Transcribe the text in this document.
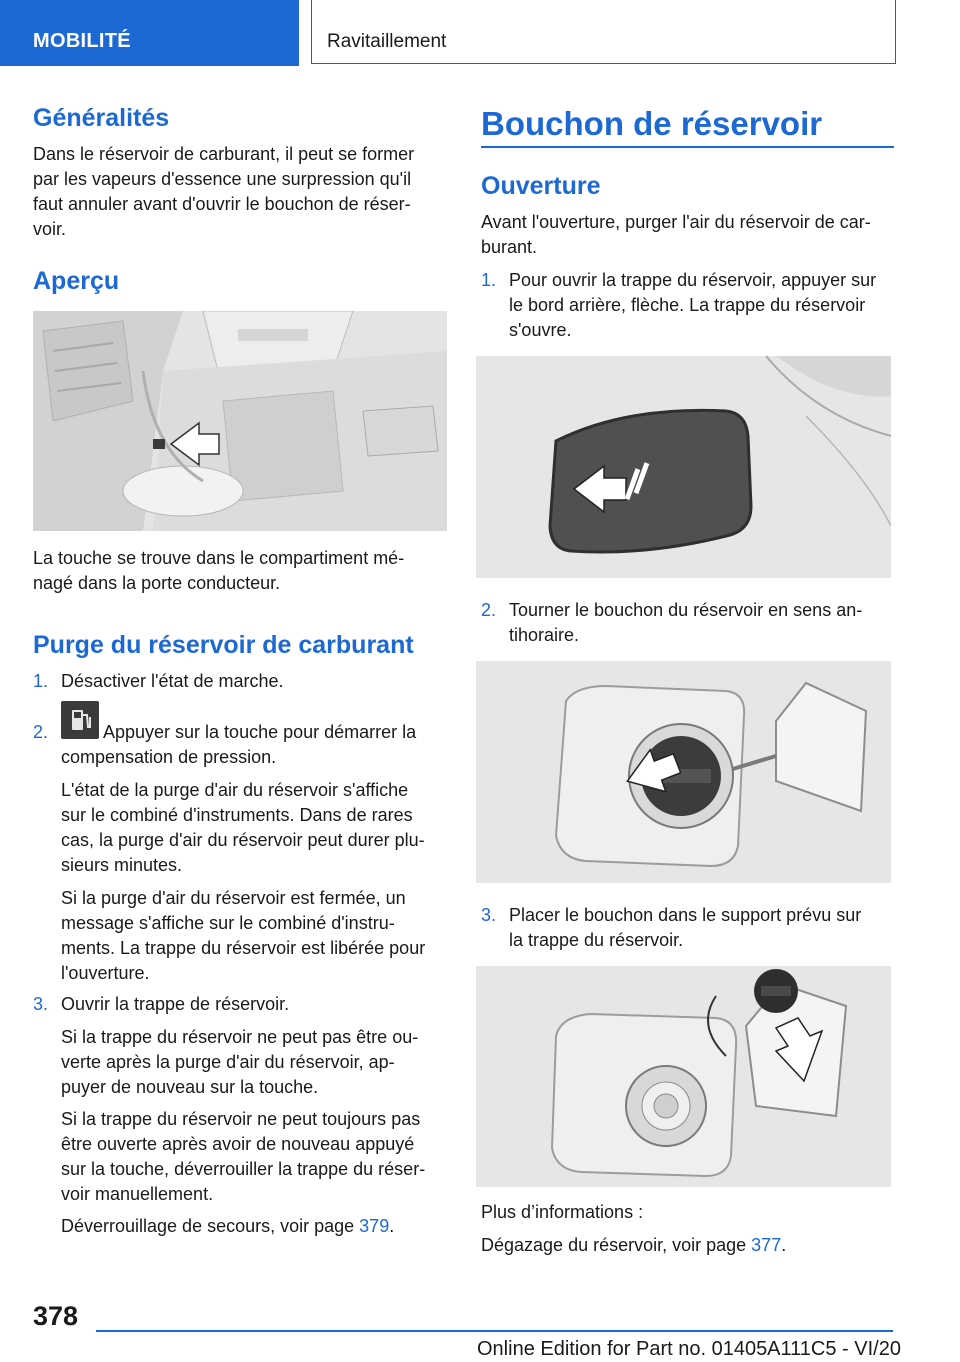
MOBILITÉ	Ravitaillement
Généralités
Dans le réservoir de carburant, il peut se former
par les vapeurs d'essence une surpression qu'il
faut annuler avant d'ouvrir le bouchon de réser-
voir.
Aperçu
La touche se trouve dans le compartiment mé-
nagé dans la porte conducteur.
Purge du réservoir de carburant
1. Désactiver l'état de marche.
2.	Appuyer sur la touche pour démarrer la
compensation de pression.
L'état de la purge d'air du réservoir s'affiche
sur le combiné d'instruments. Dans de rares
cas, la purge d'air du réservoir peut durer plu-
sieurs minutes.
Si la purge d'air du réservoir est fermée, un
message s'affiche sur le combiné d'instru-
ments. La trappe du réservoir est libérée pour
l'ouverture.
3. Ouvrir la trappe de réservoir.
Si la trappe du réservoir ne peut pas être ou-
verte après la purge d'air du réservoir, ap-
puyer de nouveau sur la touche.
Si la trappe du réservoir ne peut toujours pas
être ouverte après avoir de nouveau appuyé
sur la touche, déverrouiller la trappe du réser-
voir manuellement.
Déverrouillage de secours, voir page 379.
Bouchon de réservoir
Ouverture
Avant l'ouverture, purger l'air du réservoir de car-
burant.
1. Pour ouvrir la trappe du réservoir, appuyer sur
le bord arrière, flèche. La trappe du réservoir
s'ouvre.
2. Tourner le bouchon du réservoir en sens an-
tihoraire.
3. Placer le bouchon dans le support prévu sur
la trappe du réservoir.
Plus d’informations :
Dégazage du réservoir, voir page 377.
378
Online Edition for Part no. 01405A111C5 - VI/20
